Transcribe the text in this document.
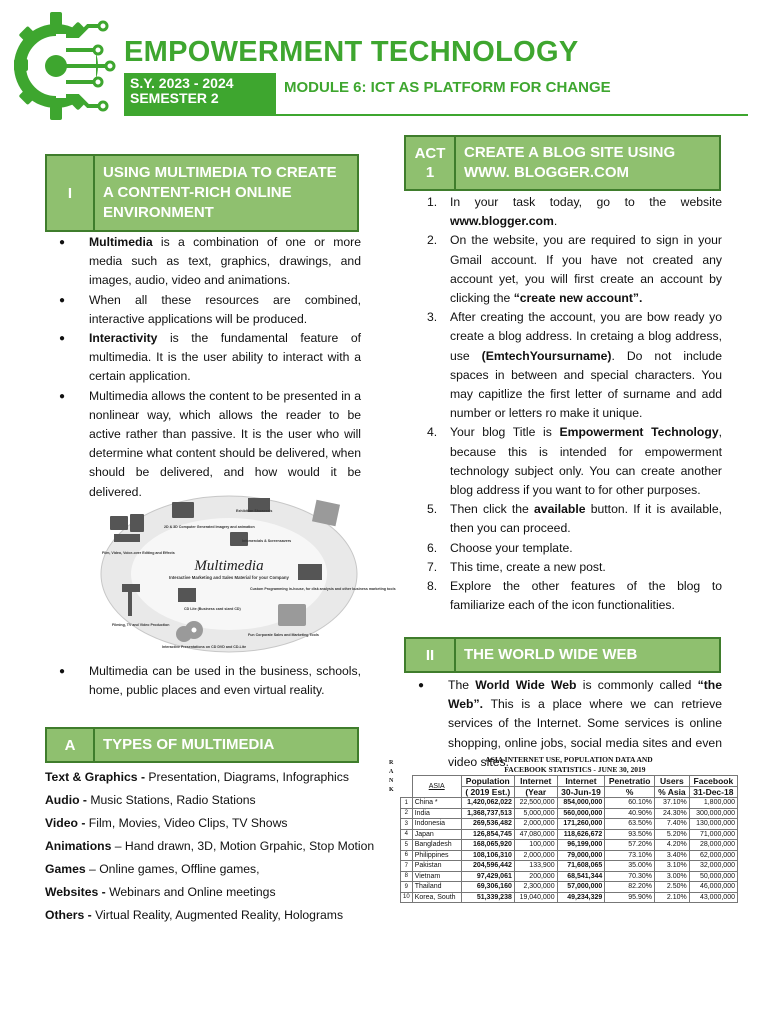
EMPOWERMENT TECHNOLOGY
S.Y. 2023 - 2024
SEMESTER 2
MODULE 6: ICT AS PLATFORM FOR CHANGE
I
USING MULTIMEDIA TO CREATE A CONTENT-RICH ONLINE ENVIRONMENT
● Multimedia is a combination of one or more media such as text, graphics, drawings, and images, audio, video and animations.
● When all these resources are combined, interactive applications will be produced.
● Interactivity is the fundamental feature of multimedia. It is the user ability to interact with a certain application.
● Multimedia allows the content to be presented in a nonlinear way, which allows the reader to be active rather than passive. It is the user who will determine what content should be delivered, when should be delivered, and how would it be delivered.
Multimedia
Interactive Marketing and Sales Material for your Company
2D & 3D Computer Generated Imagery and animation
Exhibition Showreels
Infomercials & Screensavers
Film, Video, Voice-over Editing and Effects
Custom Programming in-house, for disk analysis and other business marketing tools
CD Lite (Business card sized CD)
Filming, TV and Video Production
Interactive Presentations on CD DVD and CD-Lite
Fun Corporate Sales and Marketing Tools
● Multimedia can be used in the business, schools, home, public places and even virtual reality.
A	TYPES OF MULTIMEDIA
Text & Graphics - Presentation, Diagrams, Infographics
Audio - Music Stations, Radio Stations
Video - Film, Movies, Video Clips, TV Shows
Animations – Hand drawn, 3D, Motion Grpahic, Stop Motion
Games – Online games, Offline games,
Websites - Webinars and Online meetings
Others - Virtual Reality, Augmented Reality, Holograms
ACT 1
CREATE A BLOG SITE USING WWW. BLOGGER.COM
1. In your task today, go to the website www.blogger.com.
2. On the website, you are required to sign in your Gmail account. If you have not created any account yet, you will first create an account by clicking the “create new account”.
3. After creating the account, you are bow ready yo create a blog address. In cretaing a blog address, use (EmtechYoursurname). Do not include spaces in between and special characters. You may capitlize the first letter of surname and add number or letters ro make it unique.
4. Your blog Title is Empowerment Technology, because this is intended for empowerment technology subject only. You can create another blog address if you want to for other purposes.
5. Then click the available button. If it is available, then you can proceed.
6. Choose your template.
7. This time, create a new post.
8. Explore the other features of the blog to familiarize each of the icon functionalities.
II	THE WORLD WIDE WEB
● The World Wide Web is commonly called “the Web”. This is a place where we can retrieve services of the Internet. Some services is online shopping, online jobs, social media sites and even video sites.
R
A
N
K
ASIA INTERNET USE, POPULATION DATA AND
	FACEBOOK STATISTICS - JUNE 30, 2019						
	ASIA	Population	Internet	Internet	Penetratio	Users	Facebook
		( 2019 Est.)	(Year	30-Jun-19	%	% Asia	31-Dec-18
1	China *	1,420,062,022	22,500,000	854,000,000	60.10%	37.10%	1,800,000
2	India	1,368,737,513	5,000,000	560,000,000	40.90%	24.30%	300,000,000
3	Indonesia	269,536,482	2,000,000	171,260,000	63.50%	7.40%	130,000,000
4	Japan	126,854,745	47,080,000	118,626,672	93.50%	5.20%	71,000,000
5	Bangladesh	168,065,920	100,000	96,199,000	57.20%	4.20%	28,000,000
6	Philippines	108,106,310	2,000,000	79,000,000	73.10%	3.40%	62,000,000
7	Pakistan	204,596,442	133,900	71,608,065	35.00%	3.10%	32,000,000
8	Vietnam	97,429,061	200,000	68,541,344	70.30%	3.00%	50,000,000
9	Thailand	69,306,160	2,300,000	57,000,000	82.20%	2.50%	46,000,000
10	Korea, South	51,339,238	19,040,000	49,234,329	95.90%	2.10%	43,000,000
